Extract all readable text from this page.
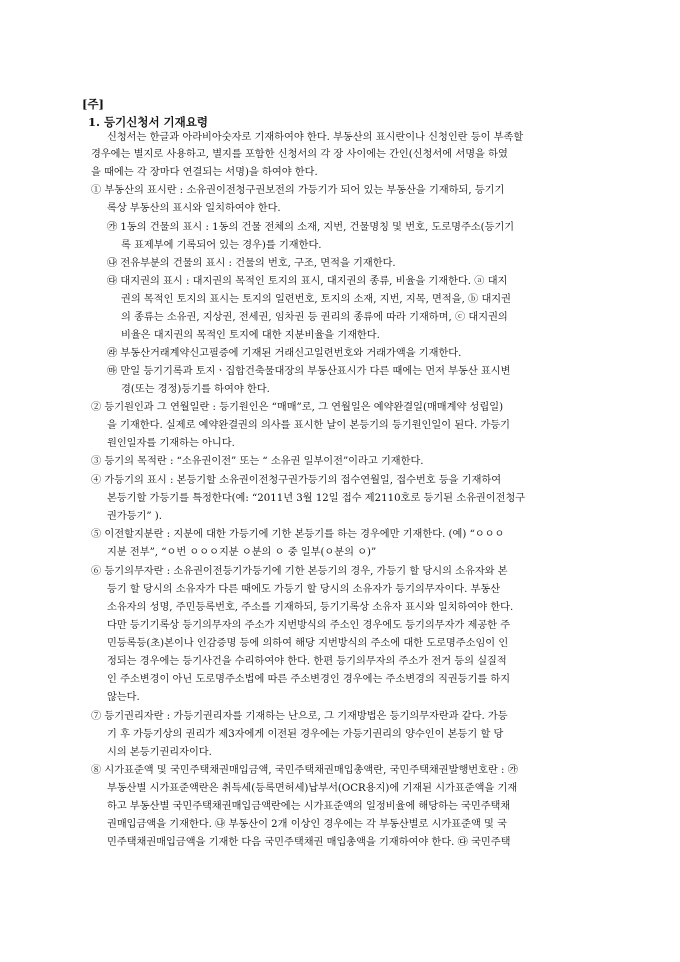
[주]
1. 등기신청서 기재요령
신청서는 한글과 아라비아숫자로 기재하여야 한다. 부동산의 표시란이나 신청인란 등이 부족할
경우에는 별지로 사용하고, 별지를 포함한 신청서의 각 장 사이에는 간인(신청서에 서명을 하였
을 때에는 각 장마다 연결되는 서명)을 하여야 한다.
① 부동산의 표시란 : 소유권이전청구권보전의 가등기가 되어 있는 부동산을 기재하되, 등기기
록상 부동산의 표시와 일치하여야 한다.
㉮ 1동의 건물의 표시 : 1동의 건물 전체의 소재, 지번, 건물명칭 및 번호, 도로명주소(등기기
록 표제부에 기록되어 있는 경우)를 기재한다.
㉯ 전유부분의 건물의 표시 : 건물의 번호, 구조, 면적을 기재한다.
㉰ 대지권의 표시 : 대지권의 목적인 토지의 표시, 대지권의 종류, 비율을 기재한다. ⓐ 대지
권의 목적인 토지의 표시는 토지의 일련번호, 토지의 소재, 지번, 지목, 면적을, ⓑ 대지권
의 종류는 소유권, 지상권, 전세권, 임차권 등 권리의 종류에 따라 기재하며, ⓒ 대지권의
비율은 대지권의 목적인 토지에 대한 지분비율을 기재한다.
㉱ 부동산거래계약신고필증에 기재된 거래신고일련번호와 거래가액을 기재한다.
㉲ 만일 등기기록과 토지ㆍ집합건축물대장의 부동산표시가 다른 때에는 먼저 부동산 표시변
경(또는 경정)등기를 하여야 한다.
② 등기원인과 그 연월일란 : 등기원인은 “매매”로, 그 연월일은 예약완결일(매매계약 성립일)
을 기재한다. 실제로 예약완결권의 의사를 표시한 날이 본등기의 등기원인일이 된다. 가등기
원인일자를 기재하는 아니다.
③ 등기의 목적란 : “소유권이전” 또는 “ 소유권 일부이전”이라고 기재한다.
④ 가등기의 표시 : 본등기할 소유권이전청구권가등기의 접수연월일, 접수번호 등을 기재하여
본등기할 가등기를 특정한다(예: “2011년 3월 12일 접수 제2110호로 등기된 소유권이전청구
권가등기” ).
⑤ 이전할지분란 : 지분에 대한 가등기에 기한 본등기를 하는 경우에만 기재한다. (예) “ㅇㅇㅇ
지분 전부”, “ㅇ번 ㅇㅇㅇ지분 ㅇ분의 ㅇ 중 일부(ㅇ분의 ㅇ)”
⑥ 등기의무자란 : 소유권이전등기가등기에 기한 본등기의 경우, 가등기 할 당시의 소유자와 본
등기 할 당시의 소유자가 다른 때에도 가등기 할 당시의 소유자가 등기의무자이다. 부동산
소유자의 성명, 주민등록번호, 주소를 기재하되, 등기기록상 소유자 표시와 일치하여야 한다.
다만 등기기록상 등기의무자의 주소가 지번방식의 주소인 경우에도 등기의무자가 제공한 주
민등록등(초)본이나 인감증명 등에 의하여 해당 지번방식의 주소에 대한 도로명주소임이 인
정되는 경우에는 등기사건을 수리하여야 한다. 한편 등기의무자의 주소가 전거 등의 실질적
인 주소변경이 아닌 도로명주소법에 따른 주소변경인 경우에는 주소변경의 직권등기를 하지
않는다.
⑦ 등기권리자란 : 가등기권리자를 기재하는 난으로, 그 기재방법은 등기의무자란과 같다. 가등
기 후 가등기상의 권리가 제3자에게 이전된 경우에는 가등기권리의 양수인이 본등기 할 당
시의 본등기권리자이다.
⑧ 시가표준액 및 국민주택채권매입금액, 국민주택채권매입총액란, 국민주택채권발행번호란 : ㉮
부동산별 시가표준액란은 취득세(등록면허세)납부서(OCR용지)에 기재된 시가표준액을 기재
하고 부동산별 국민주택채권매입금액란에는 시가표준액의 일정비율에 해당하는 국민주택채
권매입금액을 기재한다. ㉯ 부동산이 2개 이상인 경우에는 각 부동산별로 시가표준액 및 국
민주택채권매입금액을 기재한 다음 국민주택채권 매입총액을 기재하여야 한다. ㉰ 국민주택
